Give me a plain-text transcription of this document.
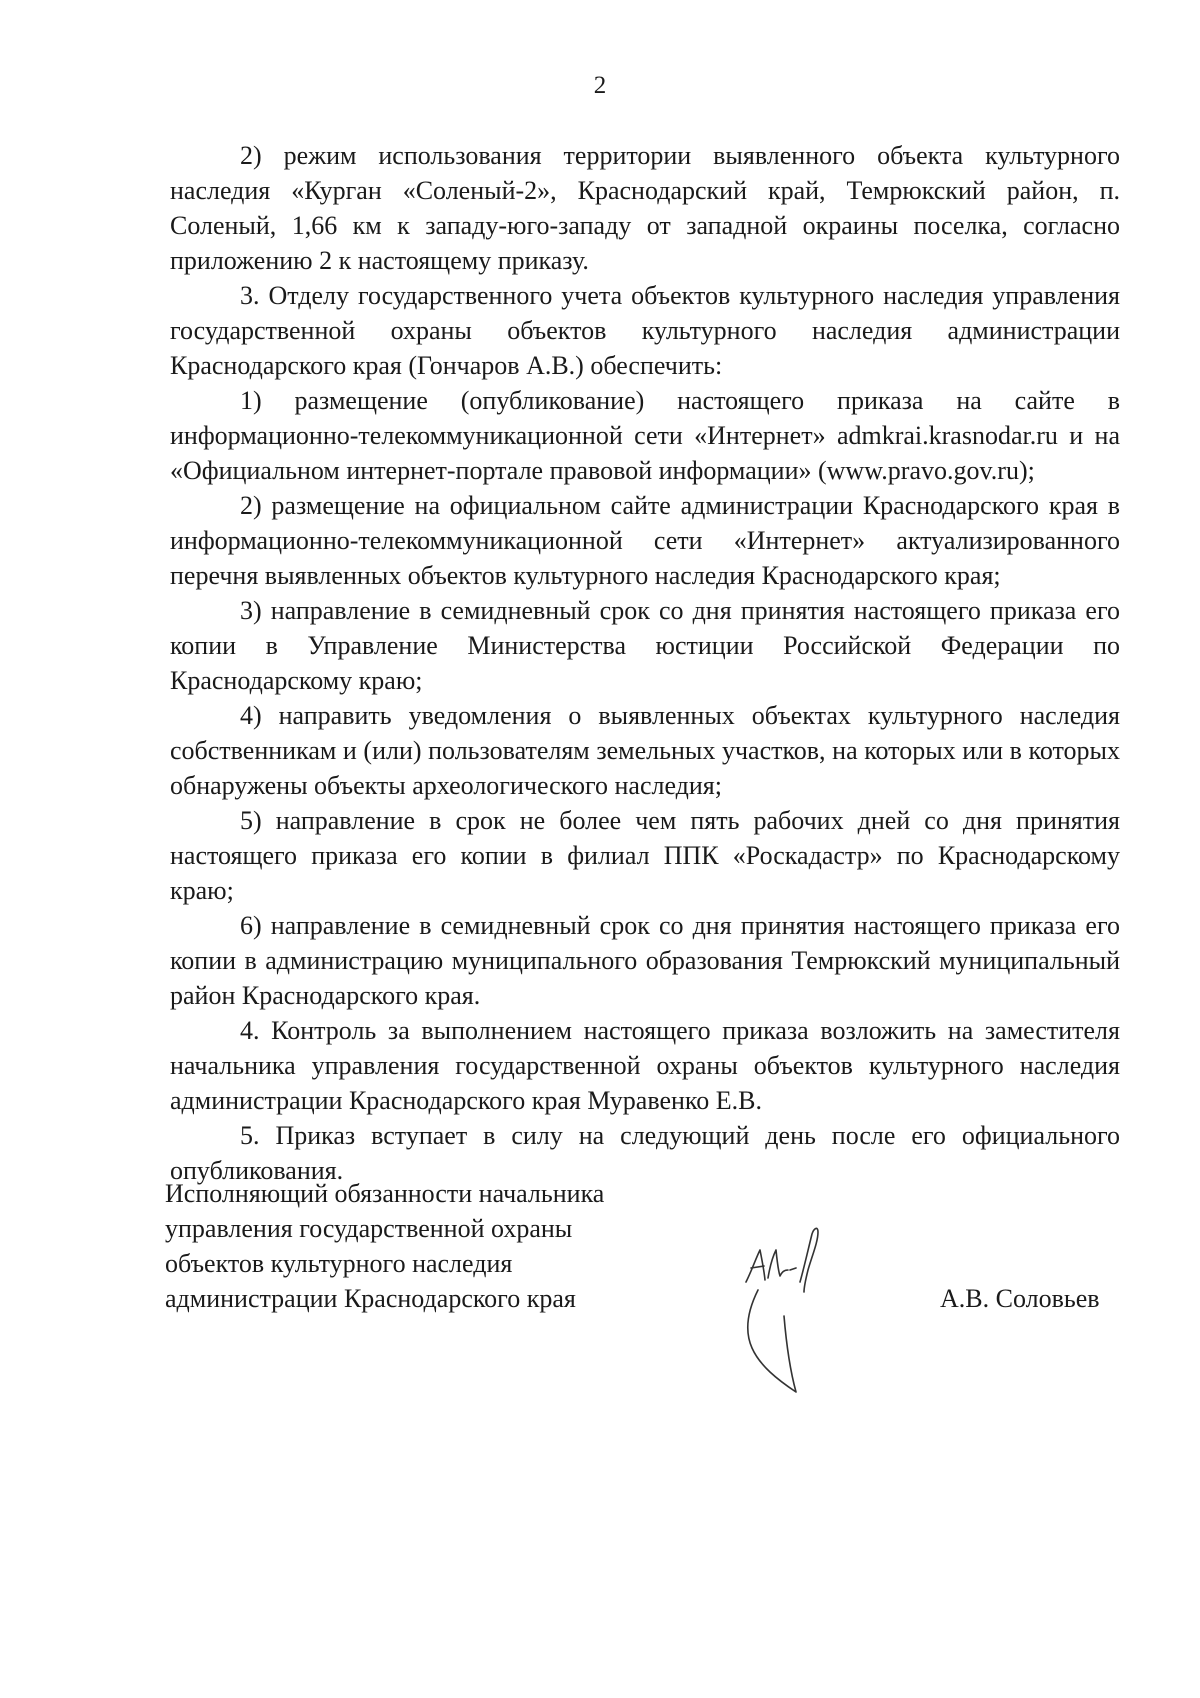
2

2) режим использования территории выявленного объекта культурного наследия «Курган «Соленый-2», Краснодарский край, Темрюкский район, п. Соленый, 1,66 км к западу-юго-западу от западной окраины поселка, согласно приложению 2 к настоящему приказу.

3. Отделу государственного учета объектов культурного наследия управления государственной охраны объектов культурного наследия администрации Краснодарского края (Гончаров А.В.) обеспечить:

1) размещение (опубликование) настоящего приказа на сайте в информационно-телекоммуникационной сети «Интернет» admkrai.krasnodar.ru и на «Официальном интернет-портале правовой информации» (www.pravo.gov.ru);

2) размещение на официальном сайте администрации Краснодарского края в информационно-телекоммуникационной сети «Интернет» актуализированного перечня выявленных объектов культурного наследия Краснодарского края;

3) направление в семидневный срок со дня принятия настоящего приказа его копии в Управление Министерства юстиции Российской Федерации по Краснодарскому краю;

4) направить уведомления о выявленных объектах культурного наследия собственникам и (или) пользователям земельных участков, на которых или в которых обнаружены объекты археологического наследия;

5) направление в срок не более чем пять рабочих дней со дня принятия настоящего приказа его копии в филиал ППК «Роскадастр» по Краснодарскому краю;

6) направление в семидневный срок со дня принятия настоящего приказа его копии в администрацию муниципального образования Темрюкский муниципальный район Краснодарского края.

4. Контроль за выполнением настоящего приказа возложить на заместителя начальника управления государственной охраны объектов культурного наследия администрации Краснодарского края Муравенко Е.В.

5. Приказ вступает в силу на следующий день после его официального опубликования.

Исполняющий обязанности начальника
управления государственной охраны
объектов культурного наследия
администрации Краснодарского края	А.В. Соловьев
